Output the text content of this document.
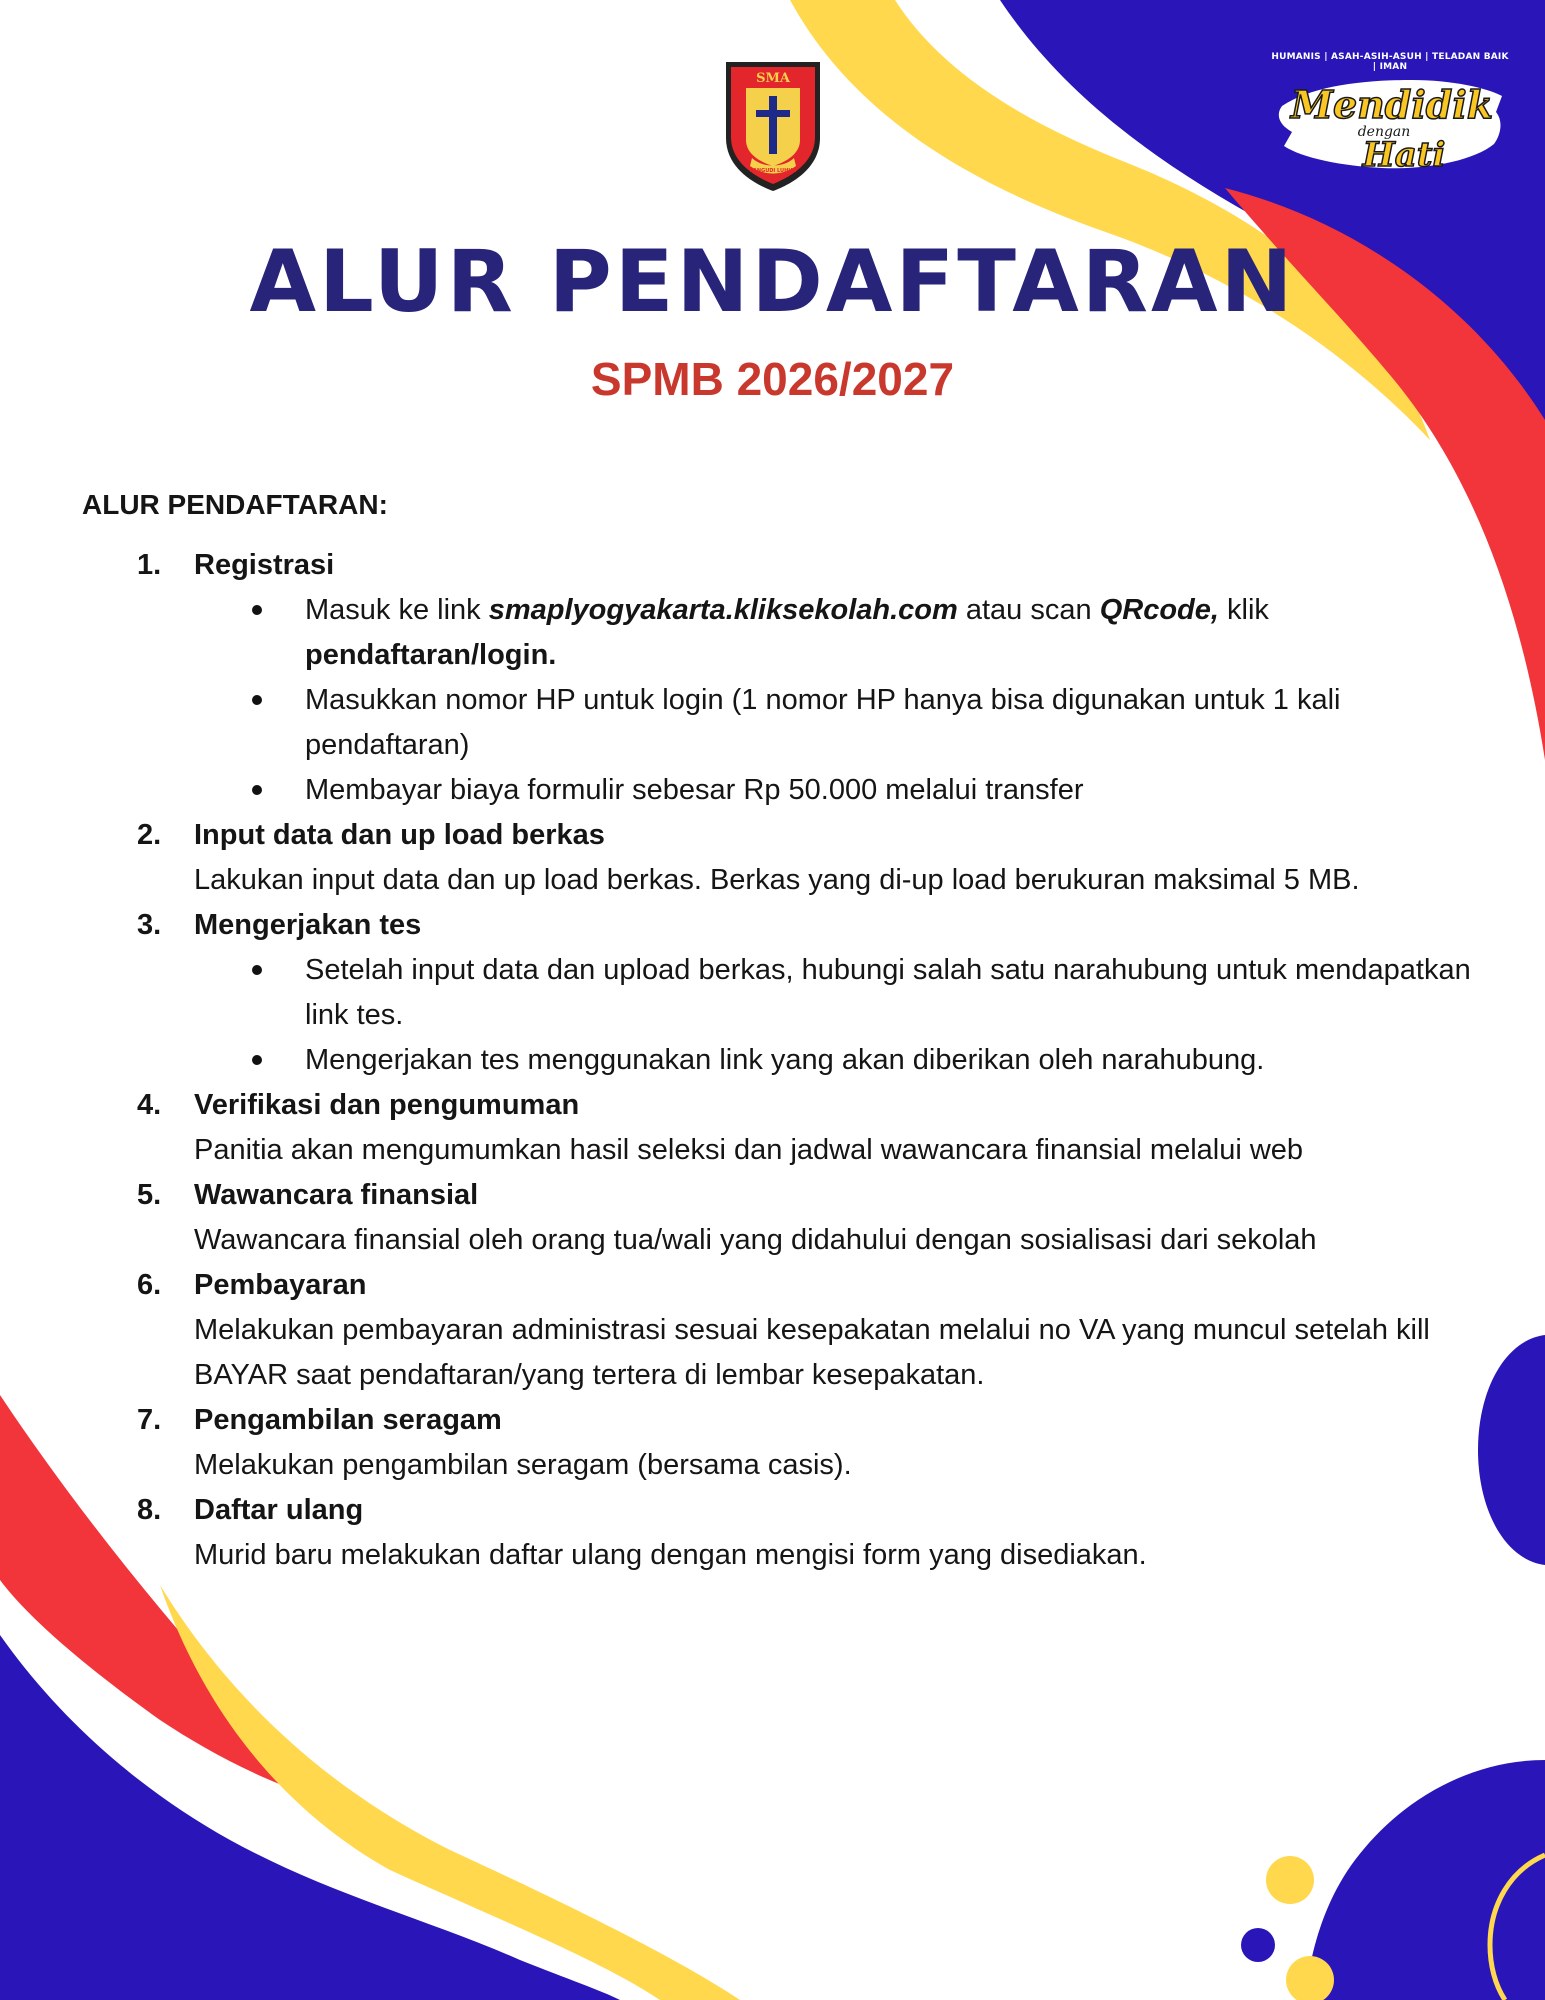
SMA
PANGUDI LUHUR
HUMANIS | ASAH-ASIH-ASUH | TELADAN BAIK | IMAN
Mendidik
dengan
Hati
ALUR PENDAFTARAN
SPMB 2026/2027

ALUR PENDAFTARAN:

1. Registrasi
Masuk ke link smaplyogyakarta.kliksekolah.com atau scan QRcode, klik
pendaftaran/login.
Masukkan nomor HP untuk login (1 nomor HP hanya bisa digunakan untuk 1 kali pendaftaran)
Membayar biaya formulir sebesar Rp 50.000 melalui transfer
2. Input data dan up load berkas
Lakukan input data dan up load berkas. Berkas yang di-up load berukuran maksimal 5 MB.
3. Mengerjakan tes
Setelah input data dan upload berkas, hubungi salah satu narahubung untuk mendapatkan link tes.
Mengerjakan tes menggunakan link yang akan diberikan oleh narahubung.
4. Verifikasi dan pengumuman
Panitia akan mengumumkan hasil seleksi dan jadwal wawancara finansial melalui web
5. Wawancara finansial
Wawancara finansial oleh orang tua/wali yang didahului dengan sosialisasi dari sekolah
6. Pembayaran
Melakukan pembayaran administrasi sesuai kesepakatan melalui no VA yang muncul setelah kill BAYAR saat pendaftaran/yang tertera di lembar kesepakatan.
7. Pengambilan seragam
Melakukan pengambilan seragam (bersama casis).
8. Daftar ulang
Murid baru melakukan daftar ulang dengan mengisi form yang disediakan.
